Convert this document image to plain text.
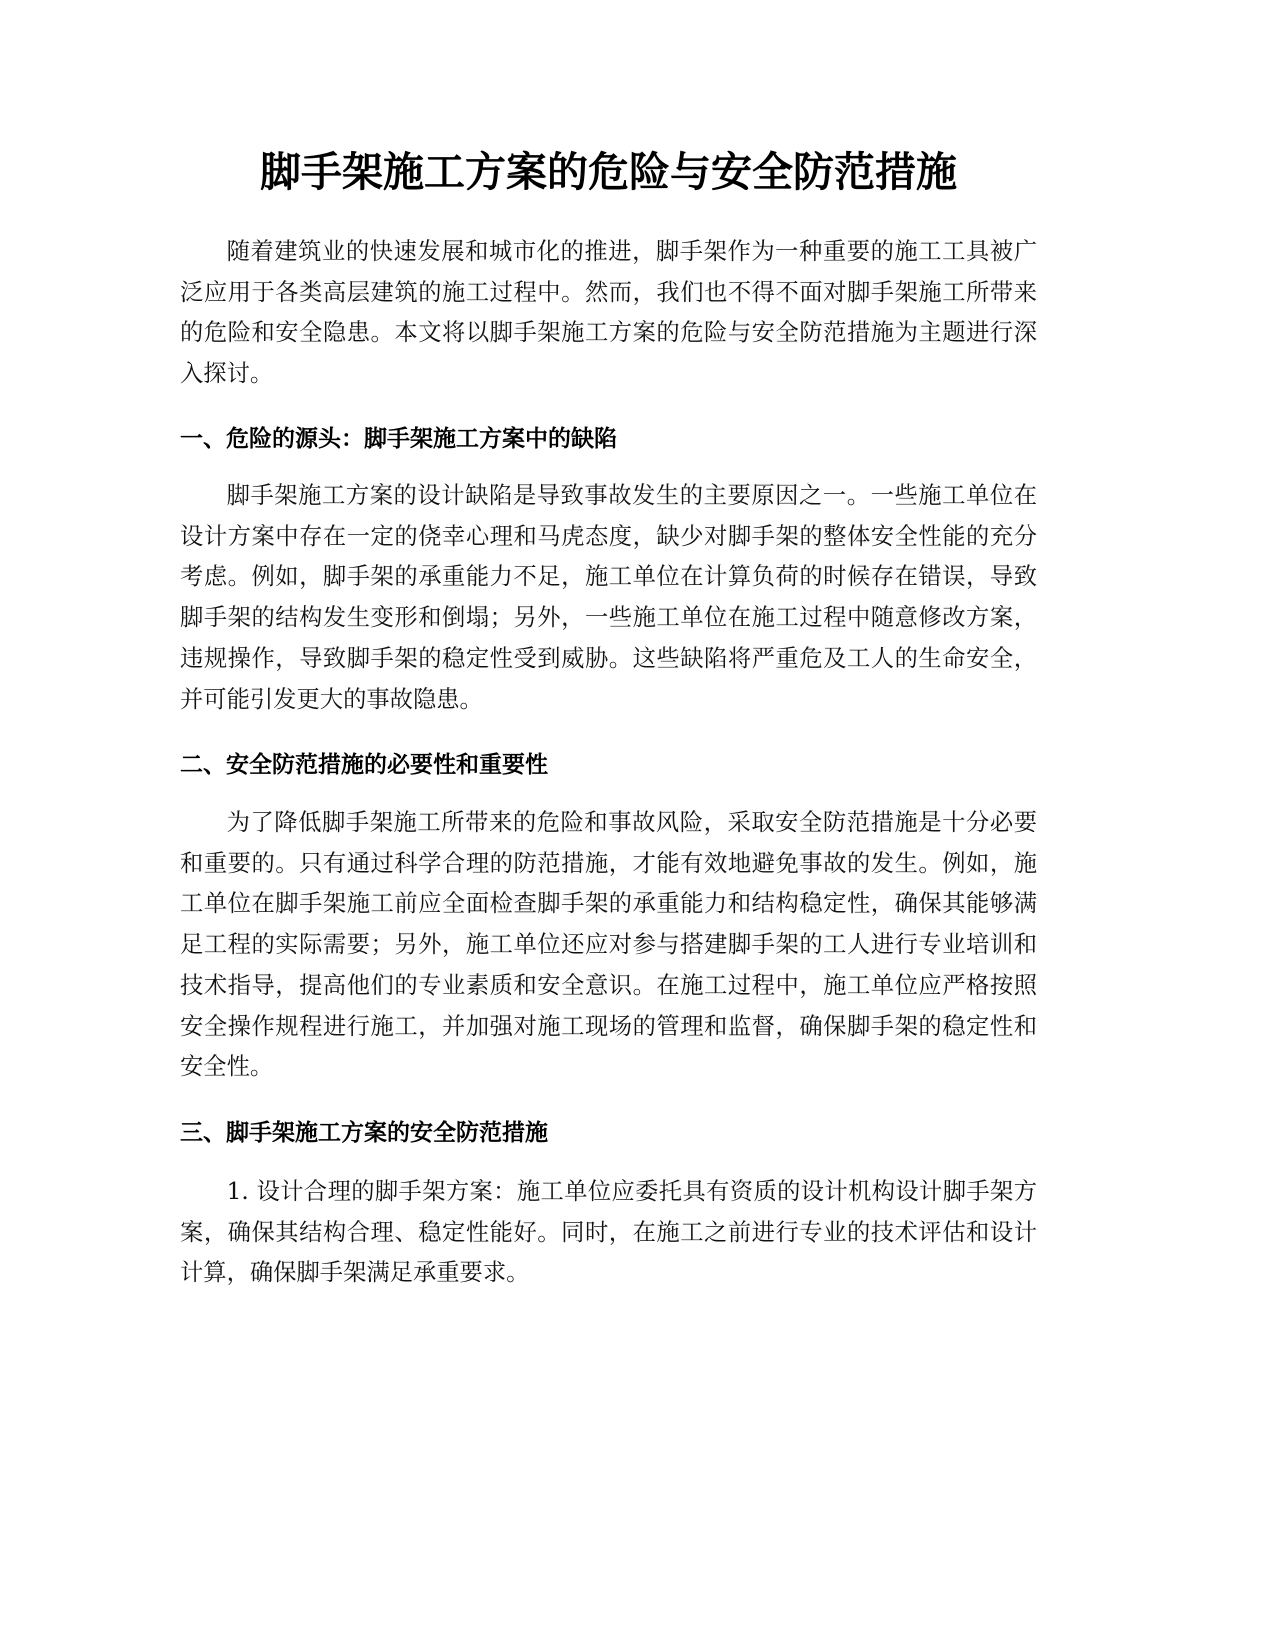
脚手架施工方案的危险与安全防范措施

随着建筑业的快速发展和城市化的推进，脚手架作为一种重要的施工工具被广泛应用于各类高层建筑的施工过程中。然而，我们也不得不面对脚手架施工所带来的危险和安全隐患。本文将以脚手架施工方案的危险与安全防范措施为主题进行深入探讨。

一、危险的源头：脚手架施工方案中的缺陷

脚手架施工方案的设计缺陷是导致事故发生的主要原因之一。一些施工单位在设计方案中存在一定的侥幸心理和马虎态度，缺少对脚手架的整体安全性能的充分考虑。例如，脚手架的承重能力不足，施工单位在计算负荷的时候存在错误，导致脚手架的结构发生变形和倒塌；另外，一些施工单位在施工过程中随意修改方案，违规操作，导致脚手架的稳定性受到威胁。这些缺陷将严重危及工人的生命安全，并可能引发更大的事故隐患。

二、安全防范措施的必要性和重要性

为了降低脚手架施工所带来的危险和事故风险，采取安全防范措施是十分必要和重要的。只有通过科学合理的防范措施，才能有效地避免事故的发生。例如，施工单位在脚手架施工前应全面检查脚手架的承重能力和结构稳定性，确保其能够满足工程的实际需要；另外，施工单位还应对参与搭建脚手架的工人进行专业培训和技术指导，提高他们的专业素质和安全意识。在施工过程中，施工单位应严格按照安全操作规程进行施工，并加强对施工现场的管理和监督，确保脚手架的稳定性和安全性。

三、脚手架施工方案的安全防范措施

1. 设计合理的脚手架方案：施工单位应委托具有资质的设计机构设计脚手架方案，确保其结构合理、稳定性能好。同时，在施工之前进行专业的技术评估和设计计算，确保脚手架满足承重要求。
